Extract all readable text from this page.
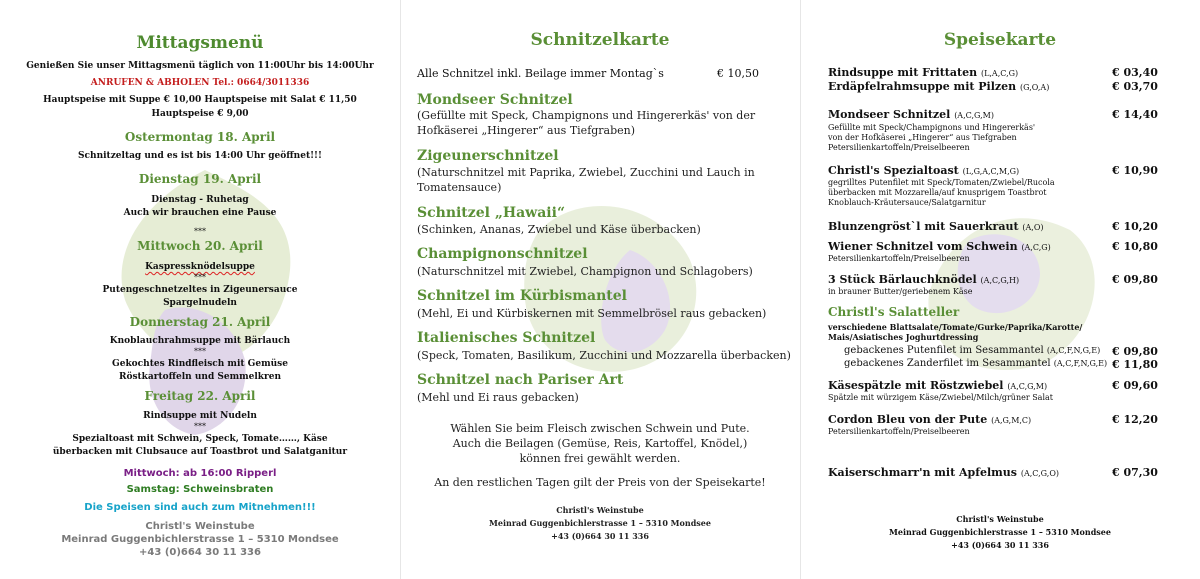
Mittagsmenü
Genießen Sie unser Mittagsmenü täglich von 11:00Uhr bis 14:00Uhr
ANRUFEN & ABHOLEN Tel.: 0664/3011336
Hauptspeise mit Suppe € 10,00 Hauptspeise mit Salat € 11,50
Hauptspeise € 9,00
Ostermontag 18. April
Schnitzeltag und es ist bis 14:00 Uhr geöffnet!!!
Dienstag 19. April
Dienstag - Ruhetag
Auch wir brauchen eine Pause
***
Mittwoch 20. April
Kaspressknödelsuppe
***
Putengeschnetzeltes in Zigeunersauce
Spargelnudeln
Donnerstag 21. April
Knoblauchrahmsuppe mit Bärlauch
***
Gekochtes Rindfleisch mit Gemüse
Röstkartoffeln und Semmelkren
Freitag 22. April
Rindsuppe mit Nudeln
***
Spezialtoast mit Schwein, Speck, Tomate……, Käse
überbacken mit Clubsauce auf Toastbrot und Salatganitur
Mittwoch: ab 16:00 Ripperl
Samstag: Schweinsbraten
Die Speisen sind auch zum Mitnehmen!!!
Christl's Weinstube
Meinrad Guggenbichlerstrasse 1 – 5310 Mondsee
+43 (0)664 30 11 336
Schnitzelkarte
Alle Schnitzel inkl. Beilage immer Montag`s	€ 10,50
Mondseer Schnitzel
(Gefüllte mit Speck, Champignons und Hingererkäs' von der
Hofkäserei „Hingerer“ aus Tiefgraben)
Zigeunerschnitzel
(Naturschnitzel mit Paprika, Zwiebel, Zucchini und Lauch in
Tomatensauce)
Schnitzel „Hawaii“
(Schinken, Ananas, Zwiebel und Käse überbacken)
Champignonschnitzel
(Naturschnitzel mit Zwiebel, Champignon und Schlagobers)
Schnitzel im Kürbismantel
(Mehl, Ei und Kürbiskernen mit Semmelbrösel raus gebacken)
Italienisches Schnitzel
(Speck, Tomaten, Basilikum, Zucchini und Mozzarella überbacken)
Schnitzel nach Pariser Art
(Mehl und Ei raus gebacken)
Wählen Sie beim Fleisch zwischen Schwein und Pute.
Auch die Beilagen (Gemüse, Reis, Kartoffel, Knödel,)
können frei gewählt werden.
An den restlichen Tagen gilt der Preis von der Speisekarte!
Christl's Weinstube
Meinrad Guggenbichlerstrasse 1 – 5310 Mondsee
+43 (0)664 30 11 336
Speisekarte
Rindsuppe mit Frittaten (L,A,C,G)	€ 03,40
Erdäpfelrahmsuppe mit Pilzen (G,O,A)	€ 03,70
Mondseer Schnitzel (A,C,G,M)	€ 14,40
Gefüllte mit Speck/Champignons und Hingererkäs'
von der Hofkäserei „Hingerer“ aus Tiefgraben
Petersilienkartoffeln/Preiselbeeren
Christl's Spezialtoast (L,G,A,C,M,G)	€ 10,90
gegrilltes Putenfilet mit Speck/Tomaten/Zwiebel/Rucola
überbacken mit Mozzarella/auf knusprigem Toastbrot
Knoblauch-Kräutersauce/Salatgarnitur
Blunzengröst`l mit Sauerkraut (A,O)	€ 10,20
Wiener Schnitzel vom Schwein (A,C,G)	€ 10,80
Petersilienkartoffeln/Preiselbeeren
3 Stück Bärlauchknödel (A,C,G,H)	€ 09,80
in brauner Butter/geriebenem Käse
Christl's Salatteller
verschiedene Blattsalate/Tomate/Gurke/Paprika/Karotte/
Mais/Asiatisches Joghurtdressing
gebackenes Putenfilet im Sesammantel (A,C,F,N,G,E) € 09,80
gebackenes Zanderfilet im Sesammantel (A,C,F,N,G,E) € 11,80
Käsespätzle mit Röstzwiebel (A,C,G,M)	€ 09,60
Spätzle mit würzigem Käse/Zwiebel/Milch/grüner Salat
Cordon Bleu von der Pute (A,G,M,C)	€ 12,20
Petersilienkartoffeln/Preiselbeeren
Kaiserschmarr'n mit Apfelmus (A,C,G,O)	€ 07,30
Christl's Weinstube
Meinrad Guggenbichlerstrasse 1 – 5310 Mondsee
+43 (0)664 30 11 336
